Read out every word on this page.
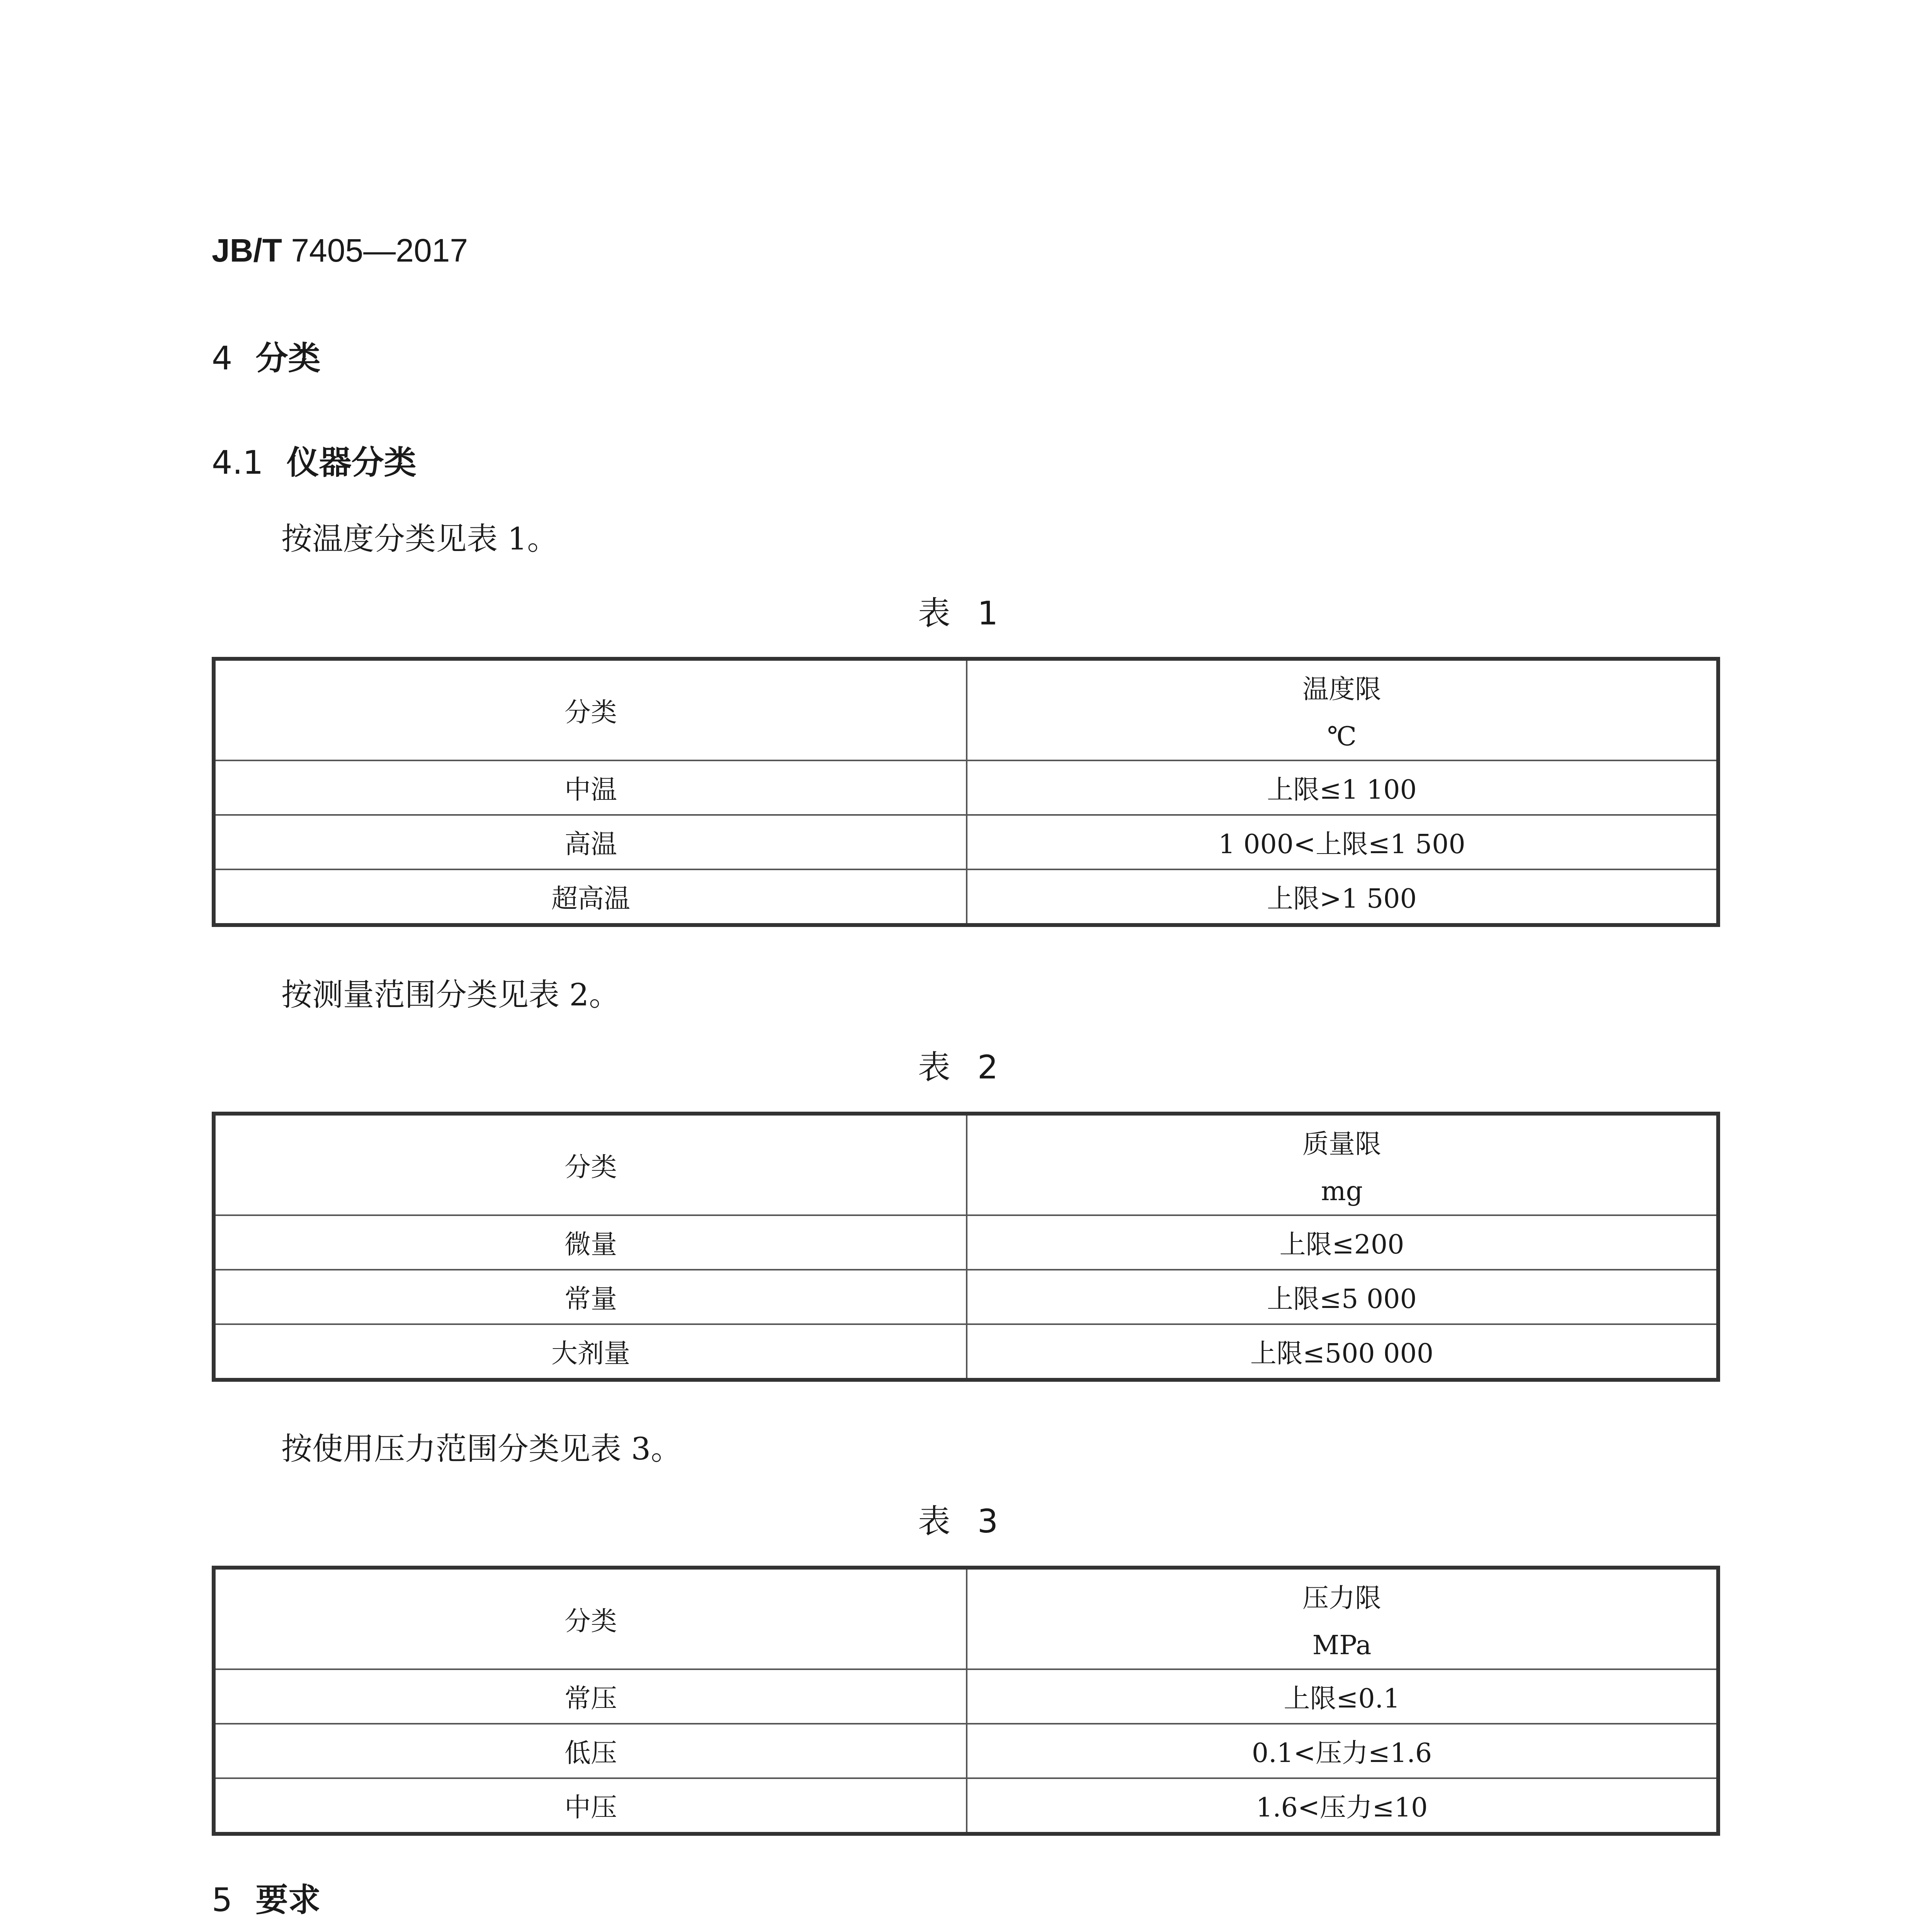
JB/T 7405—2017
4 分类
4.1 仪器分类
按温度分类见表 1。
表 1
分类	温度限
℃

中温	上限≤1 100
高温	1 000<上限≤1 500
超高温	上限>1 500
按测量范围分类见表 2。
表 2
分类	质量限
mg

微量	上限≤200
常量	上限≤5 000
大剂量	上限≤500 000
按使用压力范围分类见表 3。
表 3
分类	压力限
MPa

常压	上限≤0.1
低压	0.1<压力≤1.6
中压	1.6<压力≤10
5 要求
